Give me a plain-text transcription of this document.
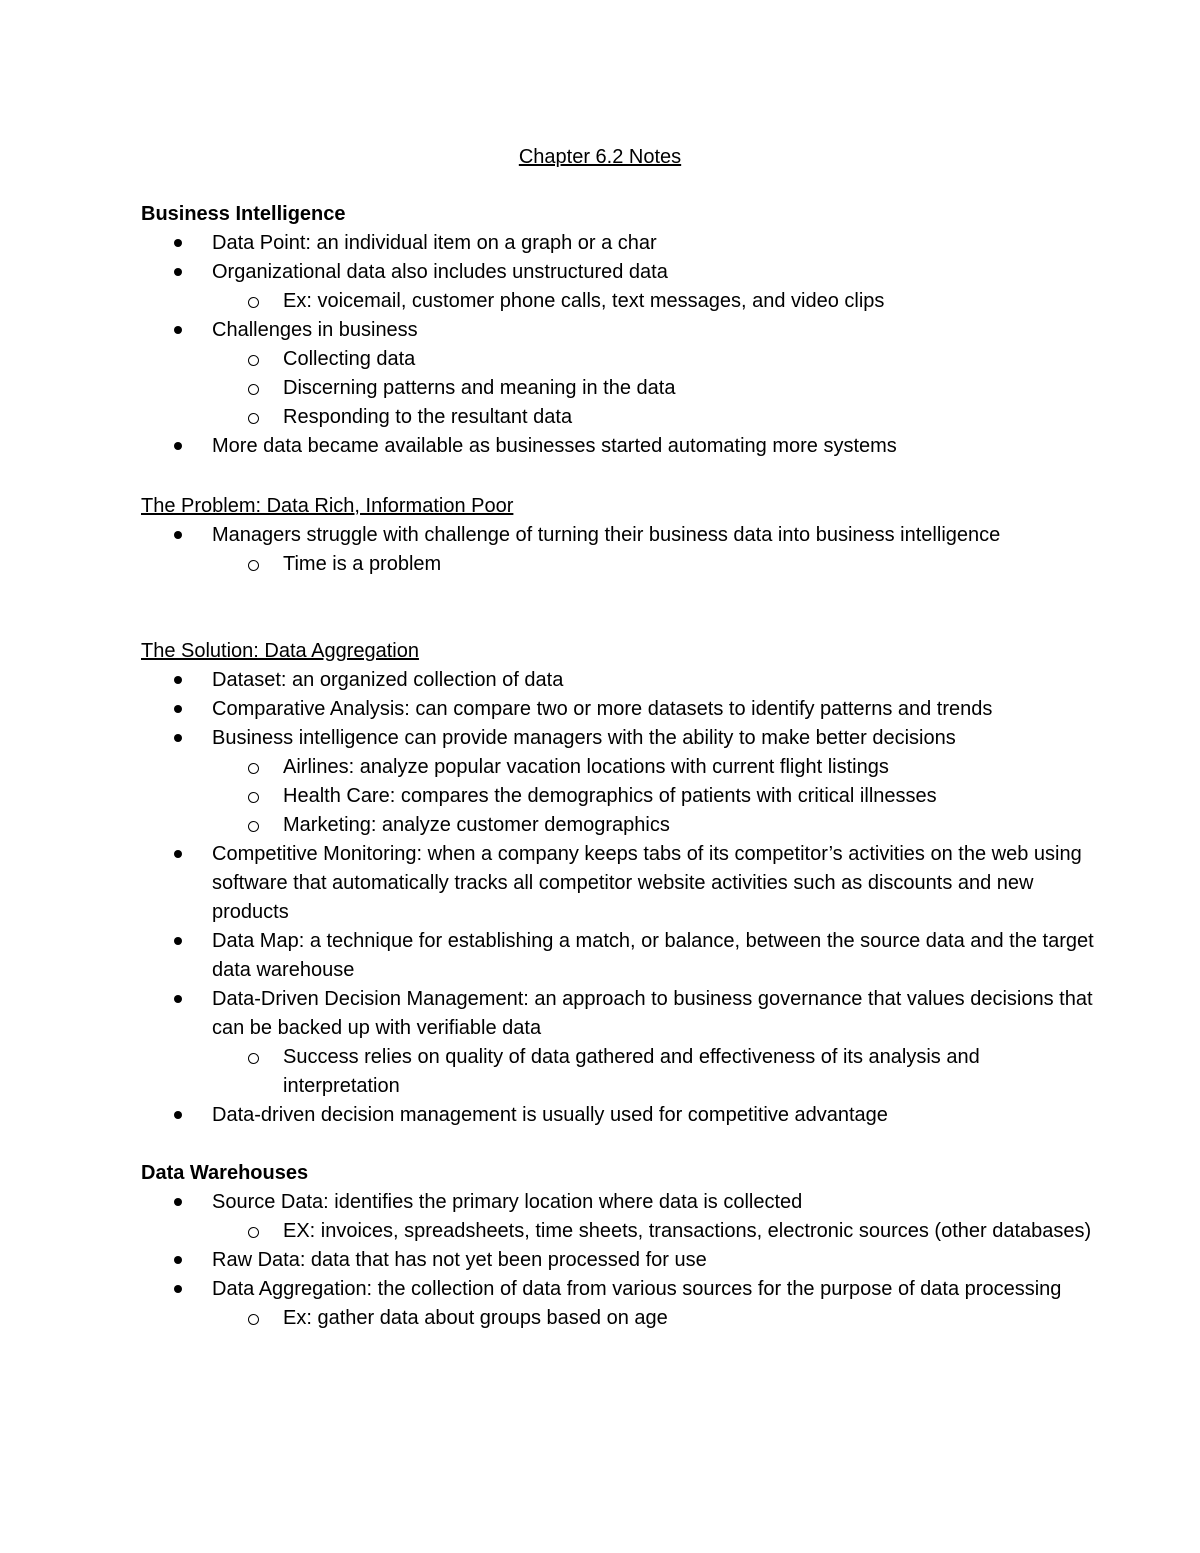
Chapter 6.2 Notes
Business Intelligence
Data Point: an individual item on a graph or a char
Organizational data also includes unstructured data
Ex: voicemail, customer phone calls, text messages, and video clips
Challenges in business
Collecting data
Discerning patterns and meaning in the data
Responding to the resultant data
More data became available as businesses started automating more systems
The Problem: Data Rich, Information Poor
Managers struggle with challenge of turning their business data into business intelligence
Time is a problem
The Solution: Data Aggregation
Dataset: an organized collection of data
Comparative Analysis: can compare two or more datasets to identify patterns and trends
Business intelligence can provide managers with the ability to make better decisions
Airlines: analyze popular vacation locations with current flight listings
Health Care: compares the demographics of patients with critical illnesses
Marketing: analyze customer demographics
Competitive Monitoring: when a company keeps tabs of its competitor’s activities on the web using software that automatically tracks all competitor website activities such as discounts and new products
Data Map: a technique for establishing a match, or balance, between the source data and the target data warehouse
Data-Driven Decision Management: an approach to business governance that values decisions that can be backed up with verifiable data
Success relies on quality of data gathered and effectiveness of its analysis and interpretation
Data-driven decision management is usually used for competitive advantage
Data Warehouses
Source Data: identifies the primary location where data is collected
EX: invoices, spreadsheets, time sheets, transactions, electronic sources (other databases)
Raw Data: data that has not yet been processed for use
Data Aggregation: the collection of data from various sources for the purpose of data processing
Ex: gather data about groups based on age
